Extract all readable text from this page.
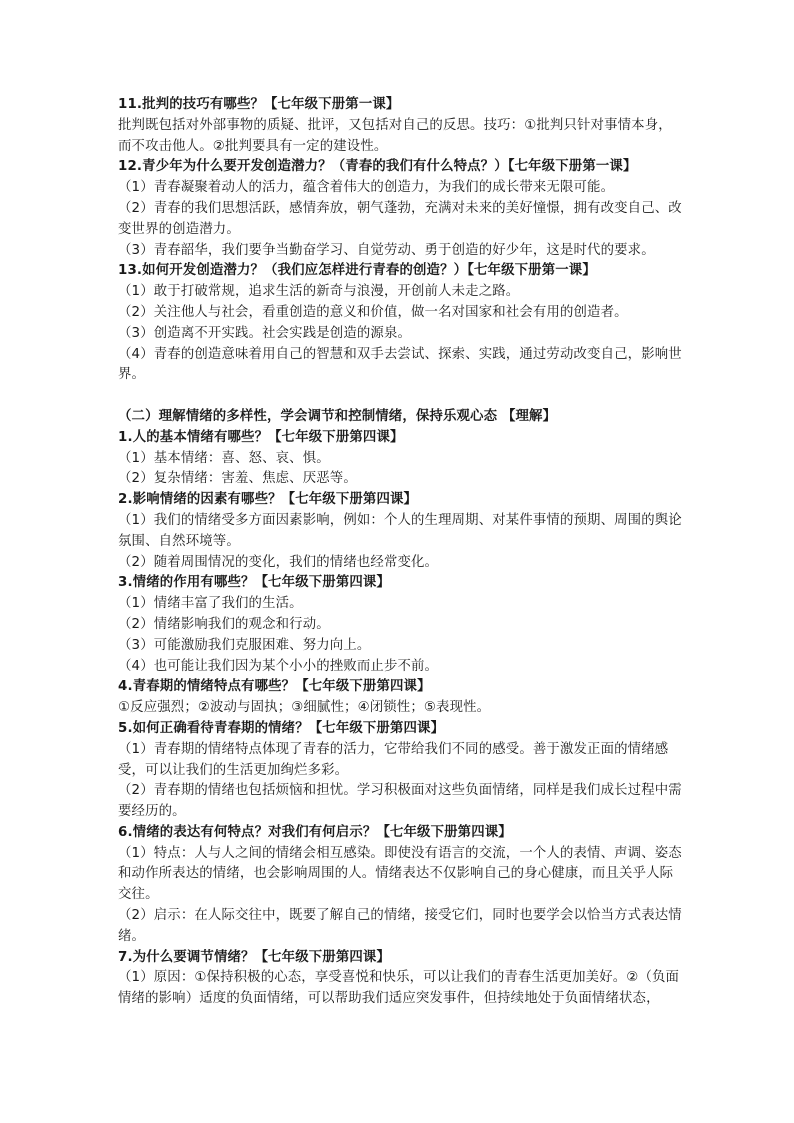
11.批判的技巧有哪些？【七年级下册第一课】
批判既包括对外部事物的质疑、批评，又包括对自己的反思。技巧：①批判只针对事情本身，而不攻击他人。②批判要具有一定的建设性。
12.青少年为什么要开发创造潜力？（青春的我们有什么特点？）【七年级下册第一课】
（1）青春凝聚着动人的活力，蕴含着伟大的创造力，为我们的成长带来无限可能。
（2）青春的我们思想活跃，感情奔放，朝气蓬勃，充满对未来的美好憧憬，拥有改变自己、改变世界的创造潜力。
（3）青春韶华，我们要争当勤奋学习、自觉劳动、勇于创造的好少年，这是时代的要求。
13.如何开发创造潜力？（我们应怎样进行青春的创造？）【七年级下册第一课】
（1）敢于打破常规，追求生活的新奇与浪漫，开创前人未走之路。
（2）关注他人与社会，看重创造的意义和价值，做一名对国家和社会有用的创造者。
（3）创造离不开实践。社会实践是创造的源泉。
（4）青春的创造意味着用自己的智慧和双手去尝试、探索、实践，通过劳动改变自己，影响世界。
（二）理解情绪的多样性，学会调节和控制情绪，保持乐观心态 【理解】
1.人的基本情绪有哪些？【七年级下册第四课】
（1）基本情绪：喜、怒、哀、惧。
（2）复杂情绪：害羞、焦虑、厌恶等。
2.影响情绪的因素有哪些？【七年级下册第四课】
（1）我们的情绪受多方面因素影响，例如：个人的生理周期、对某件事情的预期、周围的舆论氛围、自然环境等。
（2）随着周围情况的变化，我们的情绪也经常变化。
3.情绪的作用有哪些？【七年级下册第四课】
（1）情绪丰富了我们的生活。
（2）情绪影响我们的观念和行动。
（3）可能激励我们克服困难、努力向上。
（4）也可能让我们因为某个小小的挫败而止步不前。
4.青春期的情绪特点有哪些？【七年级下册第四课】
①反应强烈；②波动与固执；③细腻性；④闭锁性；⑤表现性。
5.如何正确看待青春期的情绪？【七年级下册第四课】
（1）青春期的情绪特点体现了青春的活力，它带给我们不同的感受。善于激发正面的情绪感受，可以让我们的生活更加绚烂多彩。
（2）青春期的情绪也包括烦恼和担忧。学习积极面对这些负面情绪，同样是我们成长过程中需要经历的。
6.情绪的表达有何特点？对我们有何启示？【七年级下册第四课】
（1）特点：人与人之间的情绪会相互感染。即使没有语言的交流，一个人的表情、声调、姿态和动作所表达的情绪，也会影响周围的人。情绪表达不仅影响自己的身心健康，而且关乎人际交往。
（2）启示：在人际交往中，既要了解自己的情绪，接受它们，同时也要学会以恰当方式表达情绪。
7.为什么要调节情绪？【七年级下册第四课】
（1）原因：①保持积极的心态，享受喜悦和快乐，可以让我们的青春生活更加美好。②（负面情绪的影响）适度的负面情绪，可以帮助我们适应突发事件，但持续地处于负面情绪状态，
